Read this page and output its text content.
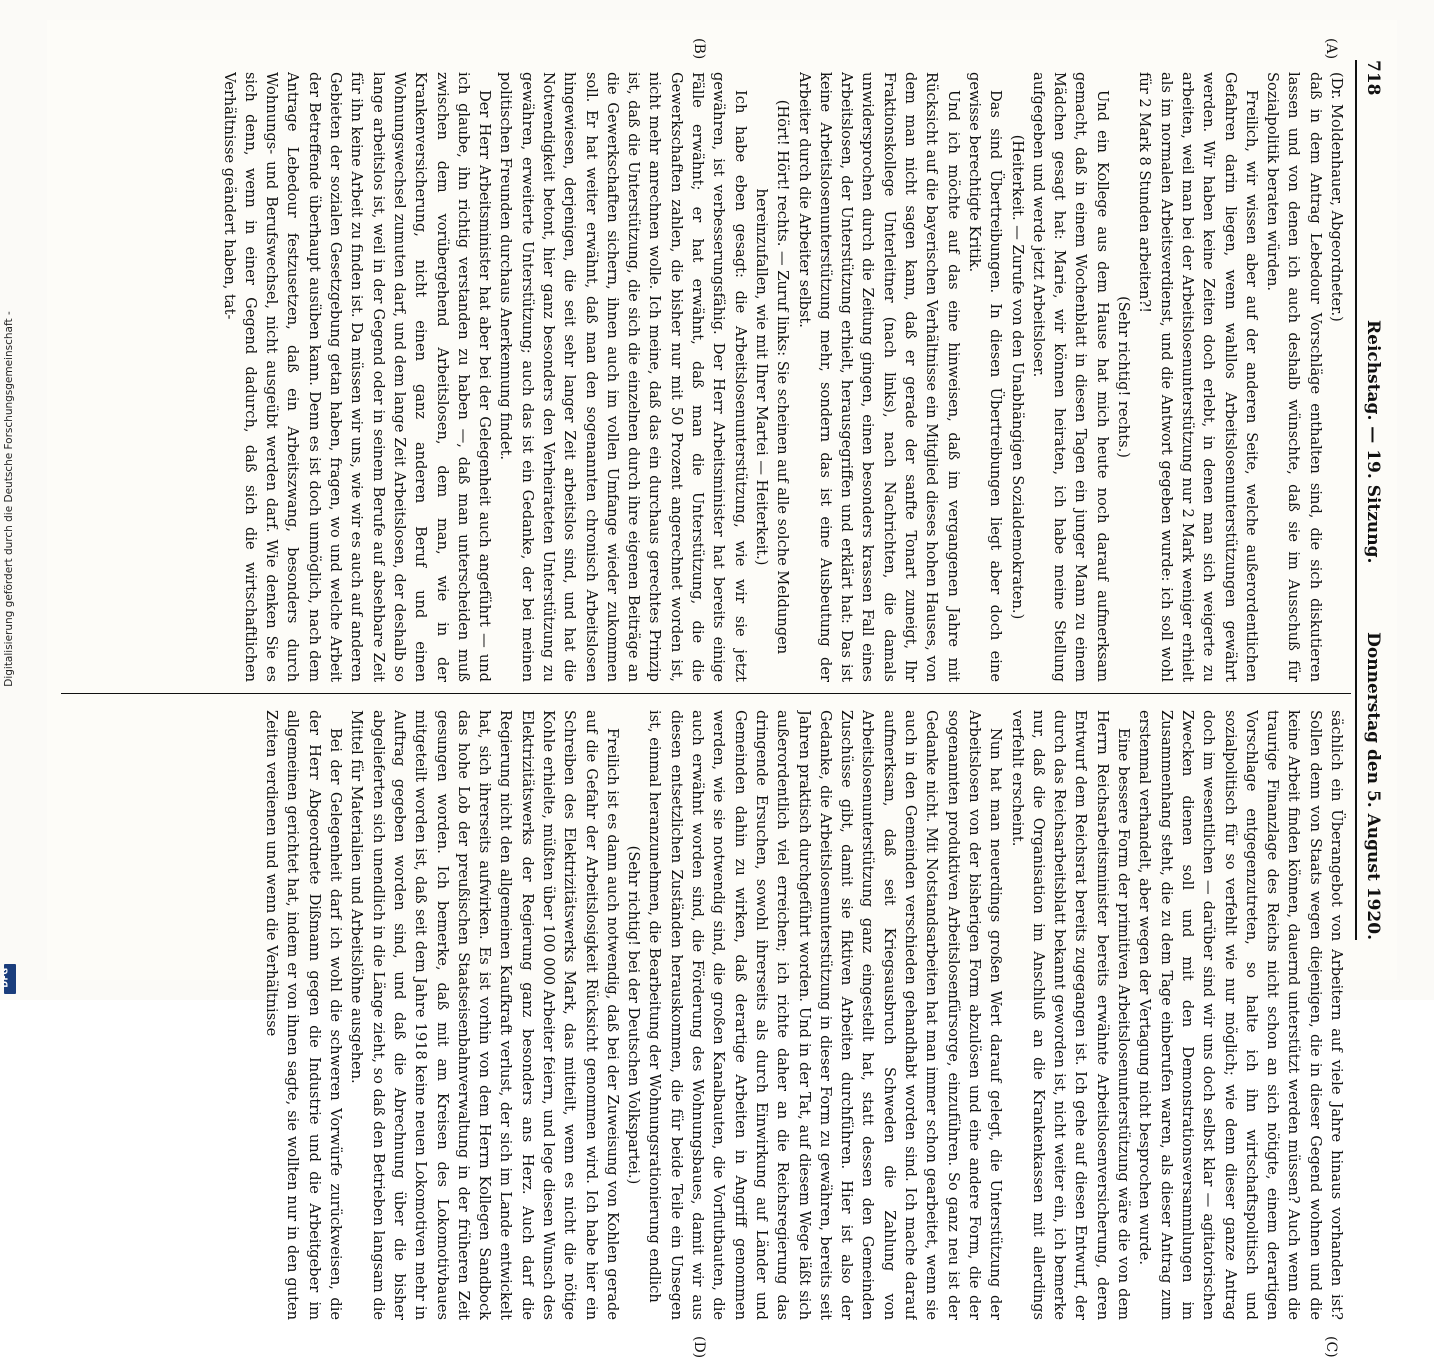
718
Reichstag. — 19. Sitzung.
Donnerstag den 5. August 1920.
(A)
(B)
(C)
(D)

(Dr. Moldenhauer, Abgeordneter.)

daß in dem Antrag Lebedour Vorschläge enthalten sind, die sich diskutieren lassen und von denen ich auch deshalb wünschte, daß sie im Ausschuß für Sozialpolitik beraten würden.

Freilich, wir wissen aber auf der anderen Seite, welche außerordentlichen Gefahren darin liegen, wenn wahllos Arbeitslosenunterstützungen gewährt werden. Wir haben keine Zeiten doch erlebt, in denen man sich weigerte zu arbeiten, weil man bei der Arbeitslosenunterstützung nur 2 Mark weniger erhielt als im normalen Arbeitsverdienst, und die Antwort gegeben wurde: ich soll wohl für 2 Mark 8 Stunden arbeiten?!

(Sehr richtig! rechts.)

Und ein Kollege aus dem Hause hat mich heute noch darauf aufmerksam gemacht, daß in einem Wochenblatt in diesen Tagen ein junger Mann zu einem Mädchen gesagt hat: Marie, wir können heiraten, ich habe meine Stellung aufgegeben und werde jetzt Arbeitsloser.

(Heiterkeit. — Zurufe von den Unabhängigen Sozialdemokraten.)

Das sind Übertreibungen. In diesen Übertreibungen liegt aber doch eine gewisse berechtigte Kritik.

Und ich möchte auf das eine hinweisen, daß im vergangenen Jahre mit Rücksicht auf die bayerischen Verhältnisse ein Mitglied dieses hohen Hauses, von dem man nicht sagen kann, daß er gerade der sanfte Tonart zuneigt, Ihr Fraktionskollege Unterleitner (nach links), nach Nachrichten, die damals unwidersprochen durch die Zeitung gingen, einen besonders krassen Fall eines Arbeitslosen, der Unterstützung erhielt, herausgegriffen und erklärt hat: Das ist keine Arbeitslosenunterstützung mehr, sondern das ist eine Ausbeutung der Arbeiter durch die Arbeiter selbst.

(Hört! Hört! rechts. — Zuruf links: Sie scheinen auf alle solche Meldungen hereinzufallen, wie mit Ihrer Martei — Heiterkeit.)

Ich habe eben gesagt: die Arbeitslosenunterstützung, wie wir sie jetzt gewähren, ist verbesserungsfähig. Der Herr Arbeitsminister hat bereits einige Fälle erwähnt; er hat erwähnt, daß man die Unterstützung, die die Gewerkschaften zahlen, die bisher nur mit 50 Prozent angerechnet worden ist, nicht mehr anrechnen wolle. Ich meine, daß das ein durchaus gerechtes Prinzip ist, daß die Unterstützung, die sich die einzelnen durch ihre eigenen Beiträge an die Gewerkschaften sichern, ihnen auch im vollen Umfange wieder zukommen soll. Er hat weiter erwähnt, daß man den sogenannten chronisch Arbeitslosen hingewiesen, derjenigen, die seit sehr langer Zeit arbeitslos sind, und hat die Notwendigkeit betont, hier ganz besonders den Verheirateten Unterstützung zu gewähren, erweiterte Unterstützung; auch das ist ein Gedanke, der bei meinen politischen Freunden durchaus Anerkennung findet.

Der Herr Arbeitsminister hat aber bei der Gelegenheit auch angeführt — und ich glaube, ihn richtig verstanden zu haben —, daß man unterscheiden muß zwischen dem vorübergehend Arbeitslosen, dem man, wie in der Krankenversicherung, nicht einen ganz anderen Beruf und einen Wohnungswechsel zumuten darf, und dem lange Zeit Arbeitslosen, der deshalb so lange arbeitslos ist, weil in der Gegend oder in seinem Berufe auf absehbare Zeit für ihn keine Arbeit zu finden ist. Da müssen wir uns, wie wir es auch auf anderen Gebieten der sozialen Gesetzgebung getan haben, fragen, wo und welche Arbeit der Betreffende überhaupt ausüben kann. Denn es ist doch unmöglich, nach dem Antrage Lebedour festzusetzen, daß ein Arbeitszwang, besonders durch Wohnungs- und Berufswechsel, nicht ausgeübt werden darf. Wie denken Sie es sich denn, wenn in einer Gegend dadurch, daß sich die wirtschaftlichen Verhältnisse geändert haben, tat-

sächlich ein Überangebot von Arbeitern auf viele Jahre hinaus vorhanden ist? Sollen denn von Staats wegen diejenigen, die in dieser Gegend wohnen und die keine Arbeit finden können, dauernd unterstützt werden müssen? Auch wenn die traurige Finanzlage des Reichs nicht schon an sich nötigte, einem derartigen Vorschlage entgegenzutreten, so halte ich ihn wirtschaftspolitisch und sozialpolitisch für so verfehlt wie nur möglich; wie denn dieser ganze Antrag doch im wesentlichen — darüber sind wir uns doch selbst klar — agitatorischen Zwecken dienen soll und mit den Demonstrationsversammlungen im Zusammenhang steht, die zu dem Tage einberufen waren, als dieser Antrag zum erstenmal verhandelt, aber wegen der Vertagung nicht besprochen wurde.

Eine bessere Form der primitiven Arbeitslosenunterstützung wäre die von dem Herrn Reichsarbeitsminister bereits erwähnte Arbeitslosenversicherung, deren Entwurf dem Reichsrat bereits zugegangen ist. Ich gehe auf diesen Entwurf, der durch das Reichsarbeitsblatt bekannt geworden ist, nicht weiter ein, ich bemerke nur, daß die Organisation im Anschluß an die Krankenkassen mit allerdings verfehlt erscheint.

Nun hat man neuerdings großen Wert darauf gelegt, die Unterstützung der Arbeitslosen von der bisherigen Form abzulösen und eine andere Form, die der sogenannten produktiven Arbeitslosenfürsorge, einzuführen. So ganz neu ist der Gedanke nicht. Mit Notstandsarbeiten hat man immer schon gearbeitet, wenn sie auch in den Gemeinden verschieden gehandhabt worden sind. Ich mache darauf aufmerksam, daß seit Kriegsausbruch Schweden die Zahlung von Arbeitslosenunterstützung ganz eingestellt hat, statt dessen den Gemeinden Zuschüsse gibt, damit sie fiktiven Arbeiten durchführen. Hier ist also der Gedanke, die Arbeitslosenunterstützung in dieser Form zu gewähren, bereits seit Jahren praktisch durchgeführt worden. Und in der Tat, auf diesem Wege läßt sich außerordentlich viel erreichen; ich richte daher an die Reichsregierung das dringende Ersuchen, sowohl ihrerseits als durch Einwirkung auf Länder und Gemeinden dahin zu wirken, daß derartige Arbeiten in Angriff genommen werden, wie sie notwendig sind, die großen Kanalbauten, die Vorflutbauten, die auch erwähnt worden sind, die Förderung des Wohnungsbaues, damit wir aus diesen entsetzlichen Zuständen herauskommen, die für beide Teile ein Unsegen ist, einmal heranzunehmen, die Bearbeitung der Wohnungsrationierung endlich

(Sehr richtig! bei der Deutschen Volkspartei.)

Freilich ist es dann auch notwendig, daß bei der Zuweisung von Kohlen gerade auf die Gefahr der Arbeitslosigkeit Rücksicht genommen wird. Ich habe hier ein Schreiben des Elektrizitätswerks Mark, das mitteilt, wenn es nicht die nötige Kohle erhielte, müßten über 100 000 Arbeiter feiern, und lege diesen Wunsch des Elektrizitätswerks der Regierung ganz besonders ans Herz. Auch darf die Regierung nicht den allgemeinen Kaufkraft verlust, der sich im Lande entwickelt hat, sich ihrerseits aufwirken. Es ist vorhin von dem Herrn Kollegen Sandbock das hohe Lob der preußischen Staatseisenbahnverwaltung in der früheren Zeit gesungen worden. Ich bemerke, daß mit am Kreisen des Lokomotivbaues mitgeteilt worden ist, daß seit dem Jahre 1918 keine neuen Lokomotiven mehr in Auftrag gegeben worden sind, und daß die Abrechnung über die bisher abgelieferten sich unendlich in die Länge zieht, so daß den Betrieben langsam die Mittel für Materialien und Arbeitslöhne ausgehen.

Bei der Gelegenheit darf ich wohl die schweren Vorwürfe zurückweisen, die der Herr Abgeordnete Dißmann gegen die Industrie und die Arbeitgeber im allgemeinen gerichtet hat, indem er von ihnen sagte, sie wollten nur in den guten Zeiten verdienen und wenn die Verhältnisse

Digitalisierung gefördert durch die Deutsche Forschungsgemeinschaft -
DFG
